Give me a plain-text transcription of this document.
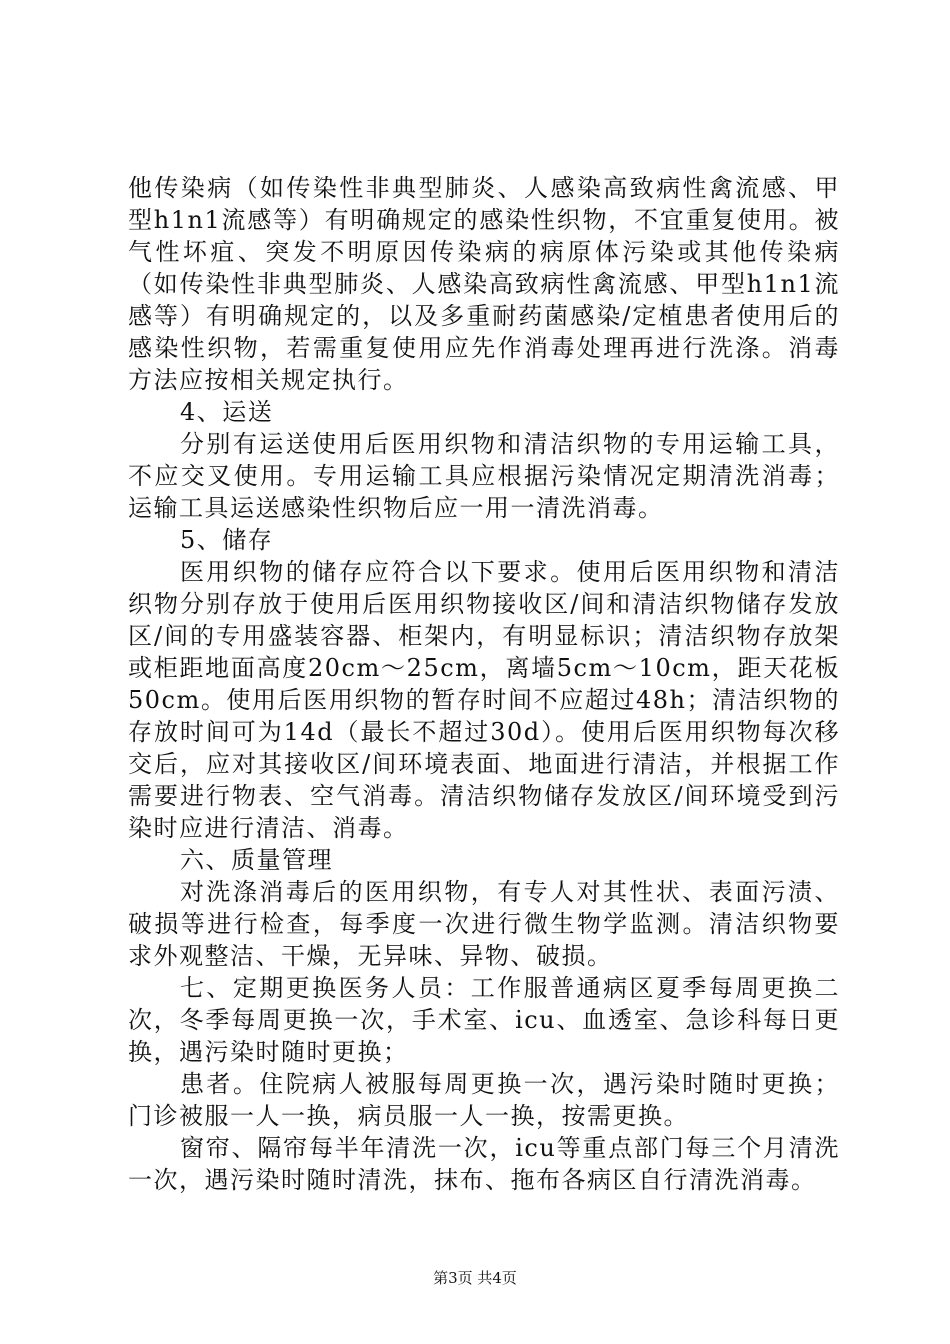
他传染病（如传染性非典型肺炎、人感染高致病性禽流感、甲型h1n1流感等）有明确规定的感染性织物，不宜重复使用。被气性坏疽、突发不明原因传染病的病原体污染或其他传染病（如传染性非典型肺炎、人感染高致病性禽流感、甲型h1n1流感等）有明确规定的，以及多重耐药菌感染/定植患者使用后的感染性织物，若需重复使用应先作消毒处理再进行洗涤。消毒方法应按相关规定执行。

4、运送

分别有运送使用后医用织物和清洁织物的专用运输工具，不应交叉使用。专用运输工具应根据污染情况定期清洗消毒；运输工具运送感染性织物后应一用一清洗消毒。

5、储存

医用织物的储存应符合以下要求。使用后医用织物和清洁织物分别存放于使用后医用织物接收区/间和清洁织物储存发放区/间的专用盛装容器、柜架内，有明显标识；清洁织物存放架或柜距地面高度20cm～25cm，离墙5cm～10cm，距天花板50cm。使用后医用织物的暂存时间不应超过48h；清洁织物的存放时间可为14d（最长不超过30d）。使用后医用织物每次移交后，应对其接收区/间环境表面、地面进行清洁，并根据工作需要进行物表、空气消毒。清洁织物储存发放区/间环境受到污染时应进行清洁、消毒。

六、质量管理

对洗涤消毒后的医用织物，有专人对其性状、表面污渍、破损等进行检查，每季度一次进行微生物学监测。清洁织物要求外观整洁、干燥，无异味、异物、破损。

七、定期更换医务人员：工作服普通病区夏季每周更换二次，冬季每周更换一次，手术室、icu、血透室、急诊科每日更换，遇污染时随时更换；

患者。住院病人被服每周更换一次，遇污染时随时更换；门诊被服一人一换，病员服一人一换，按需更换。

窗帘、隔帘每半年清洗一次，icu等重点部门每三个月清洗一次，遇污染时随时清洗，抹布、拖布各病区自行清洗消毒。

第3页 共4页
